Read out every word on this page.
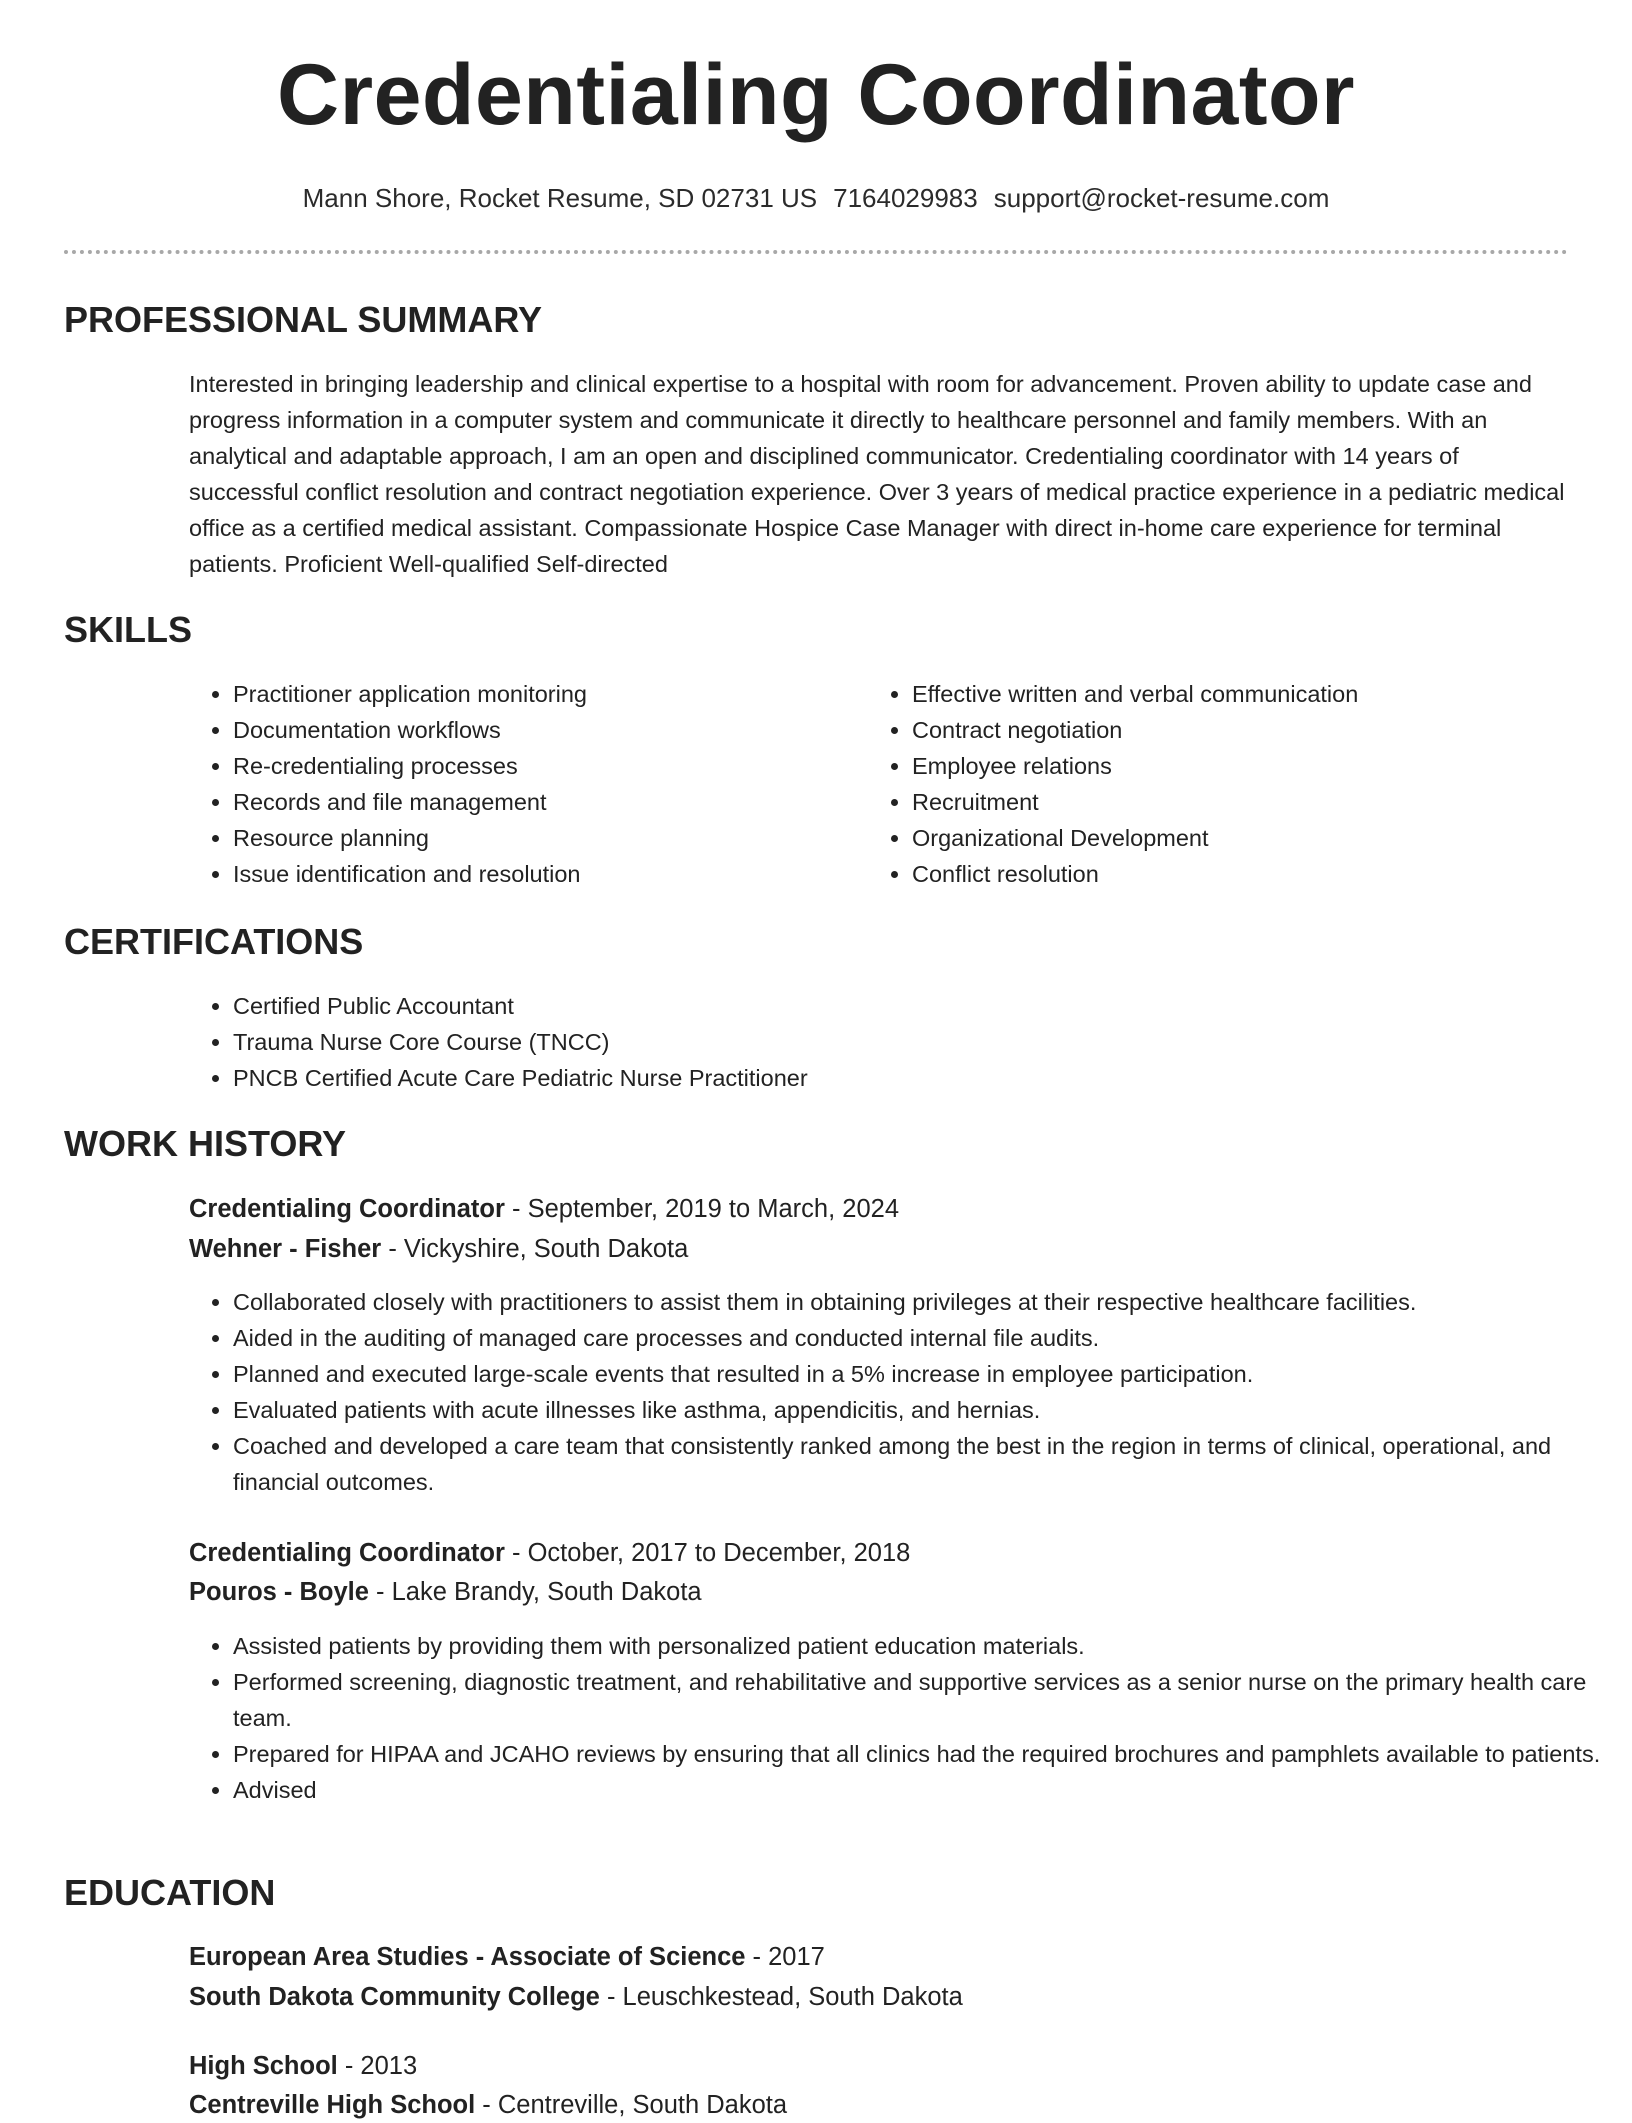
Credentialing Coordinator
Mann Shore, Rocket Resume, SD 02731 US 7164029983 support@rocket-resume.com
PROFESSIONAL SUMMARY

Interested in bringing leadership and clinical expertise to a hospital with room for advancement. Proven ability to update case and progress information in a computer system and communicate it directly to healthcare personnel and family members. With an analytical and adaptable approach, I am an open and disciplined communicator. Credentialing coordinator with 14 years of successful conflict resolution and contract negotiation experience. Over 3 years of medical practice experience in a pediatric medical office as a certified medical assistant. Compassionate Hospice Case Manager with direct in-home care experience for terminal patients. Proficient Well-qualified Self-directed

SKILLS
• Practitioner application monitoring
• Documentation workflows
• Re-credentialing processes
• Records and file management
• Resource planning
• Issue identification and resolution
• Effective written and verbal communication
• Contract negotiation
• Employee relations
• Recruitment
• Organizational Development
• Conflict resolution
CERTIFICATIONS
• Certified Public Accountant
• Trauma Nurse Core Course (TNCC)
• PNCB Certified Acute Care Pediatric Nurse Practitioner
WORK HISTORY
Credentialing Coordinator - September, 2019 to March, 2024
Wehner - Fisher - Vickyshire, South Dakota
• Collaborated closely with practitioners to assist them in obtaining privileges at their respective healthcare facilities.
• Aided in the auditing of managed care processes and conducted internal file audits.
• Planned and executed large-scale events that resulted in a 5% increase in employee participation.
• Evaluated patients with acute illnesses like asthma, appendicitis, and hernias.
• Coached and developed a care team that consistently ranked among the best in the region in terms of clinical, operational, and financial outcomes.
Credentialing Coordinator - October, 2017 to December, 2018
Pouros - Boyle - Lake Brandy, South Dakota
• Assisted patients by providing them with personalized patient education materials.
• Performed screening, diagnostic treatment, and rehabilitative and supportive services as a senior nurse on the primary health care team.
• Prepared for HIPAA and JCAHO reviews by ensuring that all clinics had the required brochures and pamphlets available to patients.
• Advised
EDUCATION
European Area Studies - Associate of Science - 2017
South Dakota Community College - Leuschkestead, South Dakota
High School - 2013
Centreville High School - Centreville, South Dakota
